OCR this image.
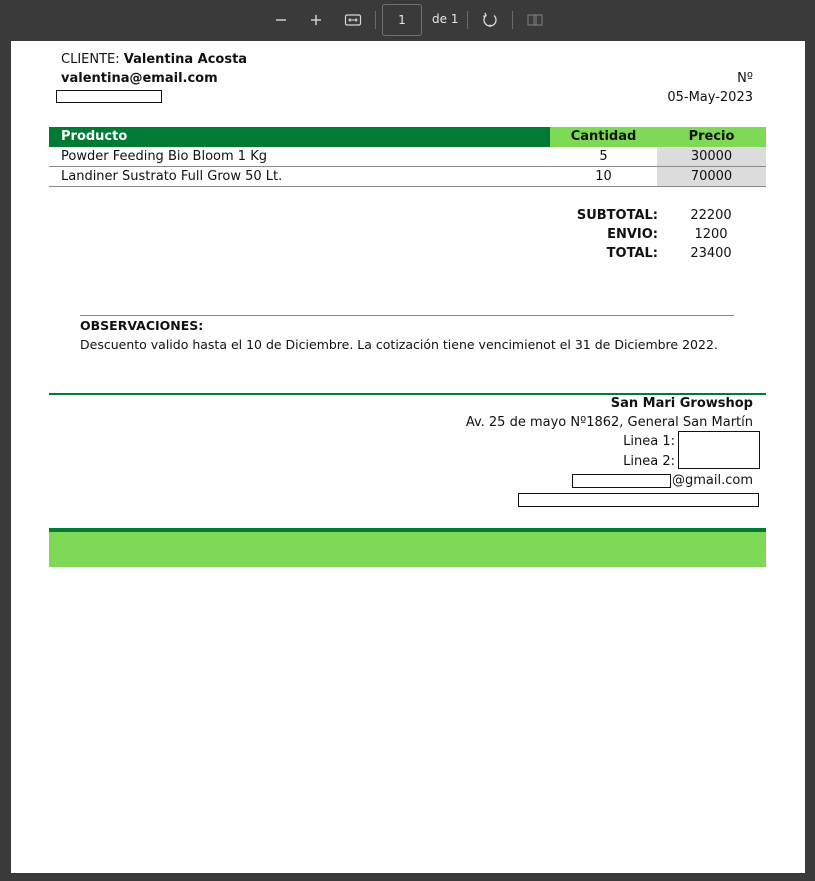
1	de 1
CLIENTE: Valentina Acosta
valentina@email.com	Nº
05-May-2023
Producto	Cantidad	Precio
Powder Feeding Bio Bloom 1 Kg	5	30000
Landiner Sustrato Full Grow 50 Lt.	10	70000
SUBTOTAL:	22200
ENVIO:	1200
TOTAL:	23400
OBSERVACIONES:
Descuento valido hasta el 10 de Diciembre. La cotización tiene vencimienot el 31 de Diciembre 2022.
San Mari Growshop
Av. 25 de mayo Nº1862, General San Martín
Linea 1:
Linea 2:
@gmail.com
